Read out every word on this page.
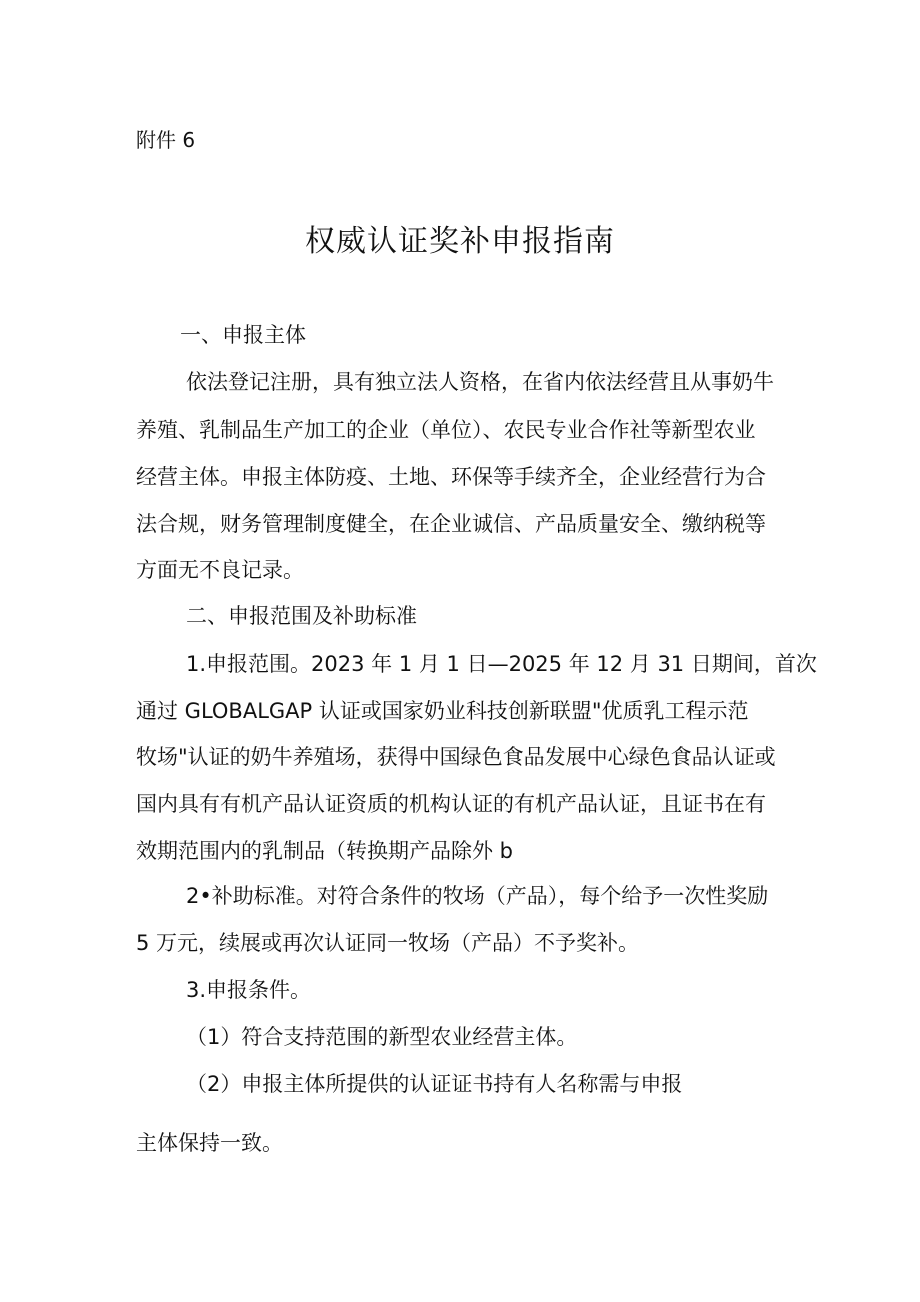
附件 6
权威认证奖补申报指南
一、申报主体
依法登记注册，具有独立法人资格，在省内依法经营且从事奶牛
养殖、乳制品生产加工的企业（单位）、农民专业合作社等新型农业
经营主体。申报主体防疫、土地、环保等手续齐全，企业经营行为合
法合规，财务管理制度健全，在企业诚信、产品质量安全、缴纳税等
方面无不良记录。
二、申报范围及补助标准
1.申报范围。2023 年 1 月 1 日—2025 年 12 月 31 日期间，首次
通过 GLOBALGAP 认证或国家奶业科技创新联盟"优质乳工程示范
牧场"认证的奶牛养殖场，获得中国绿色食品发展中心绿色食品认证或
国内具有有机产品认证资质的机构认证的有机产品认证，且证书在有
效期范围内的乳制品（转换期产品除外 b
2•补助标准。对符合条件的牧场（产品），每个给予一次性奖励
5 万元，续展或再次认证同一牧场（产品）不予奖补。
3.申报条件。
（1）符合支持范围的新型农业经营主体。
（2）申报主体所提供的认证证书持有人名称需与申报
主体保持一致。
